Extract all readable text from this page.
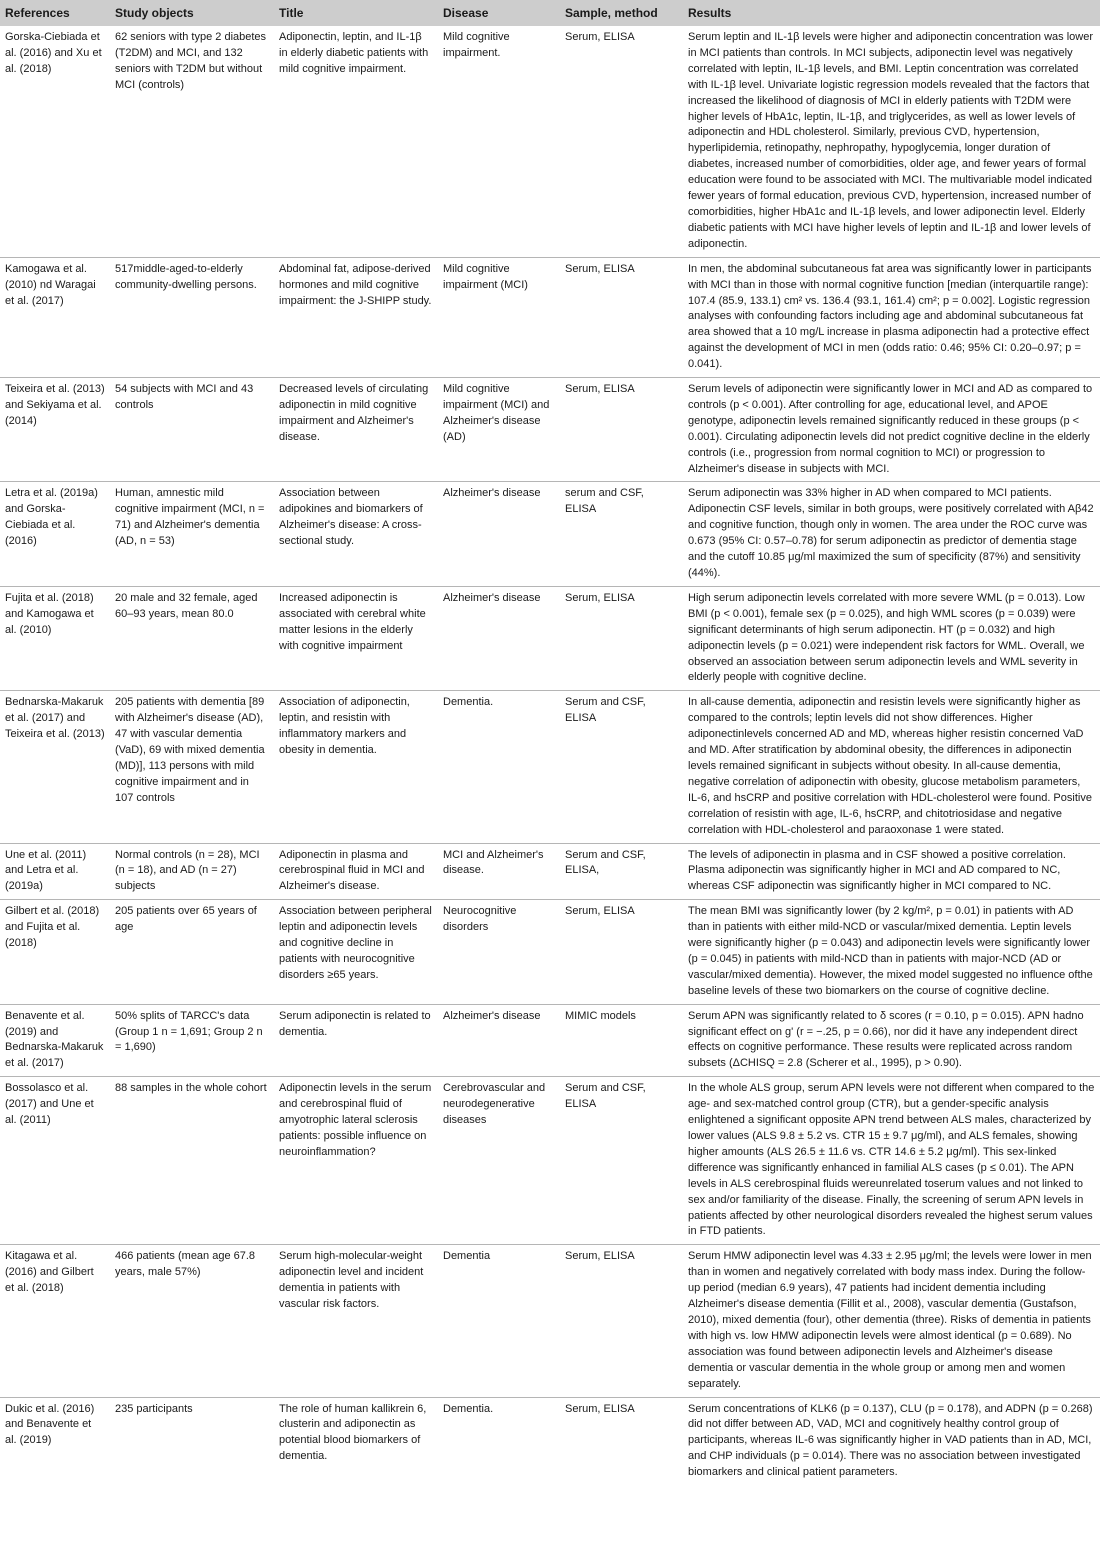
References	Study objects	Title	Disease	Sample, method	Results
Gorska-Ciebiada et al. (2016) and Xu et al. (2018)	62 seniors with type 2 diabetes (T2DM) and MCI, and 132 seniors with T2DM but without MCI (controls)	Adiponectin, leptin, and IL-1β in elderly diabetic patients with mild cognitive impairment.	Mild cognitive impairment.	Serum, ELISA	Serum leptin and IL-1β levels were higher and adiponectin concentration was lower in MCI patients than controls. In MCI subjects, adiponectin level was negatively correlated with leptin, IL-1β levels, and BMI. Leptin concentration was correlated with IL-1β level. Univariate logistic regression models revealed that the factors that increased the likelihood of diagnosis of MCI in elderly patients with T2DM were higher levels of HbA1c, leptin, IL-1β, and triglycerides, as well as lower levels of adiponectin and HDL cholesterol. Similarly, previous CVD, hypertension, hyperlipidemia, retinopathy, nephropathy, hypoglycemia, longer duration of diabetes, increased number of comorbidities, older age, and fewer years of formal education were found to be associated with MCI. The multivariable model indicated fewer years of formal education, previous CVD, hypertension, increased number of comorbidities, higher HbA1c and IL-1β levels, and lower adiponectin level. Elderly diabetic patients with MCI have higher levels of leptin and IL-1β and lower levels of adiponectin.
Kamogawa et al. (2010) nd Waragai et al. (2017)	517middle-aged-to-elderly community-dwelling persons.	Abdominal fat, adipose-derived hormones and mild cognitive impairment: the J-SHIPP study.	Mild cognitive impairment (MCI)	Serum, ELISA	In men, the abdominal subcutaneous fat area was significantly lower in participants with MCI than in those with normal cognitive function [median (interquartile range): 107.4 (85.9, 133.1) cm² vs. 136.4 (93.1, 161.4) cm²; p = 0.002]. Logistic regression analyses with confounding factors including age and abdominal subcutaneous fat area showed that a 10 mg/L increase in plasma adiponectin had a protective effect against the development of MCI in men (odds ratio: 0.46; 95% CI: 0.20–0.97; p = 0.041).
Teixeira et al. (2013) and Sekiyama et al. (2014)	54 subjects with MCI and 43 controls	Decreased levels of circulating adiponectin in mild cognitive impairment and Alzheimer's disease.	Mild cognitive impairment (MCI) and Alzheimer's disease (AD)	Serum, ELISA	Serum levels of adiponectin were significantly lower in MCI and AD as compared to controls (p < 0.001). After controlling for age, educational level, and APOE genotype, adiponectin levels remained significantly reduced in these groups (p < 0.001). Circulating adiponectin levels did not predict cognitive decline in the elderly controls (i.e., progression from normal cognition to MCI) or progression to Alzheimer's disease in subjects with MCI.
Letra et al. (2019a) and Gorska-Ciebiada et al. (2016)	Human, amnestic mild cognitive impairment (MCI, n = 71) and Alzheimer's dementia (AD, n = 53)	Association between adipokines and biomarkers of Alzheimer's disease: A cross-sectional study.	Alzheimer's disease	serum and CSF, ELISA	Serum adiponectin was 33% higher in AD when compared to MCI patients. Adiponectin CSF levels, similar in both groups, were positively correlated with Aβ42 and cognitive function, though only in women. The area under the ROC curve was 0.673 (95% CI: 0.57–0.78) for serum adiponectin as predictor of dementia stage and the cutoff 10.85 μg/ml maximized the sum of specificity (87%) and sensitivity (44%).
Fujita et al. (2018) and Kamogawa et al. (2010)	20 male and 32 female, aged 60–93 years, mean 80.0	Increased adiponectin is associated with cerebral white matter lesions in the elderly with cognitive impairment	Alzheimer's disease	Serum, ELISA	High serum adiponectin levels correlated with more severe WML (p = 0.013). Low BMI (p < 0.001), female sex (p = 0.025), and high WML scores (p = 0.039) were significant determinants of high serum adiponectin. HT (p = 0.032) and high adiponectin levels (p = 0.021) were independent risk factors for WML. Overall, we observed an association between serum adiponectin levels and WML severity in elderly people with cognitive decline.
Bednarska-Makaruk et al. (2017) and Teixeira et al. (2013)	205 patients with dementia [89 with Alzheimer's disease (AD), 47 with vascular dementia (VaD), 69 with mixed dementia (MD)], 113 persons with mild cognitive impairment and in 107 controls	Association of adiponectin, leptin, and resistin with inflammatory markers and obesity in dementia.	Dementia.	Serum and CSF, ELISA	In all-cause dementia, adiponectin and resistin levels were significantly higher as compared to the controls; leptin levels did not show differences. Higher adiponectinlevels concerned AD and MD, whereas higher resistin concerned VaD and MD. After stratification by abdominal obesity, the differences in adiponectin levels remained significant in subjects without obesity. In all-cause dementia, negative correlation of adiponectin with obesity, glucose metabolism parameters, IL-6, and hsCRP and positive correlation with HDL-cholesterol were found. Positive correlation of resistin with age, IL-6, hsCRP, and chitotriosidase and negative correlation with HDL-cholesterol and paraoxonase 1 were stated.
Une et al. (2011) and Letra et al. (2019a)	Normal controls (n = 28), MCI (n = 18), and AD (n = 27) subjects	Adiponectin in plasma and cerebrospinal fluid in MCI and Alzheimer's disease.	MCI and Alzheimer's disease.	Serum and CSF, ELISA,	The levels of adiponectin in plasma and in CSF showed a positive correlation. Plasma adiponectin was significantly higher in MCI and AD compared to NC, whereas CSF adiponectin was significantly higher in MCI compared to NC.
Gilbert et al. (2018) and Fujita et al. (2018)	205 patients over 65 years of age	Association between peripheral leptin and adiponectin levels and cognitive decline in patients with neurocognitive disorders ≥65 years.	Neurocognitive disorders	Serum, ELISA	The mean BMI was significantly lower (by 2 kg/m², p = 0.01) in patients with AD than in patients with either mild-NCD or vascular/mixed dementia. Leptin levels were significantly higher (p = 0.043) and adiponectin levels were significantly lower (p = 0.045) in patients with mild-NCD than in patients with major-NCD (AD or vascular/mixed dementia). However, the mixed model suggested no influence ofthe baseline levels of these two biomarkers on the course of cognitive decline.
Benavente et al. (2019) and Bednarska-Makaruk et al. (2017)	50% splits of TARCC's data (Group 1 n = 1,691; Group 2 n = 1,690)	Serum adiponectin is related to dementia.	Alzheimer's disease	MIMIC models	Serum APN was significantly related to δ scores (r = 0.10, p = 0.015). APN hadno significant effect on g' (r = −.25, p = 0.66), nor did it have any independent direct effects on cognitive performance. These results were replicated across random subsets (ΔCHISQ = 2.8 (Scherer et al., 1995), p > 0.90).
Bossolasco et al. (2017) and Une et al. (2011)	88 samples in the whole cohort	Adiponectin levels in the serum and cerebrospinal fluid of amyotrophic lateral sclerosis patients: possible influence on neuroinflammation?	Cerebrovascular and neurodegenerative diseases	Serum and CSF, ELISA	In the whole ALS group, serum APN levels were not different when compared to the age- and sex-matched control group (CTR), but a gender-specific analysis enlightened a significant opposite APN trend between ALS males, characterized by lower values (ALS 9.8 ± 5.2 vs. CTR 15 ± 9.7 μg/ml), and ALS females, showing higher amounts (ALS 26.5 ± 11.6 vs. CTR 14.6 ± 5.2 μg/ml). This sex-linked difference was significantly enhanced in familial ALS cases (p ≤ 0.01). The APN levels in ALS cerebrospinal fluids wereunrelated toserum values and not linked to sex and/or familiarity of the disease. Finally, the screening of serum APN levels in patients affected by other neurological disorders revealed the highest serum values in FTD patients.
Kitagawa et al. (2016) and Gilbert et al. (2018)	466 patients (mean age 67.8 years, male 57%)	Serum high-molecular-weight adiponectin level and incident dementia in patients with vascular risk factors.	Dementia	Serum, ELISA	Serum HMW adiponectin level was 4.33 ± 2.95 μg/ml; the levels were lower in men than in women and negatively correlated with body mass index. During the follow-up period (median 6.9 years), 47 patients had incident dementia including Alzheimer's disease dementia (Fillit et al., 2008), vascular dementia (Gustafson, 2010), mixed dementia (four), other dementia (three). Risks of dementia in patients with high vs. low HMW adiponectin levels were almost identical (p = 0.689). No association was found between adiponectin levels and Alzheimer's disease dementia or vascular dementia in the whole group or among men and women separately.
Dukic et al. (2016) and Benavente et al. (2019)	235 participants	The role of human kallikrein 6, clusterin and adiponectin as potential blood biomarkers of dementia.	Dementia.	Serum, ELISA	Serum concentrations of KLK6 (p = 0.137), CLU (p = 0.178), and ADPN (p = 0.268) did not differ between AD, VAD, MCI and cognitively healthy control group of participants, whereas IL-6 was significantly higher in VAD patients than in AD, MCI, and CHP individuals (p = 0.014). There was no association between investigated biomarkers and clinical patient parameters.
